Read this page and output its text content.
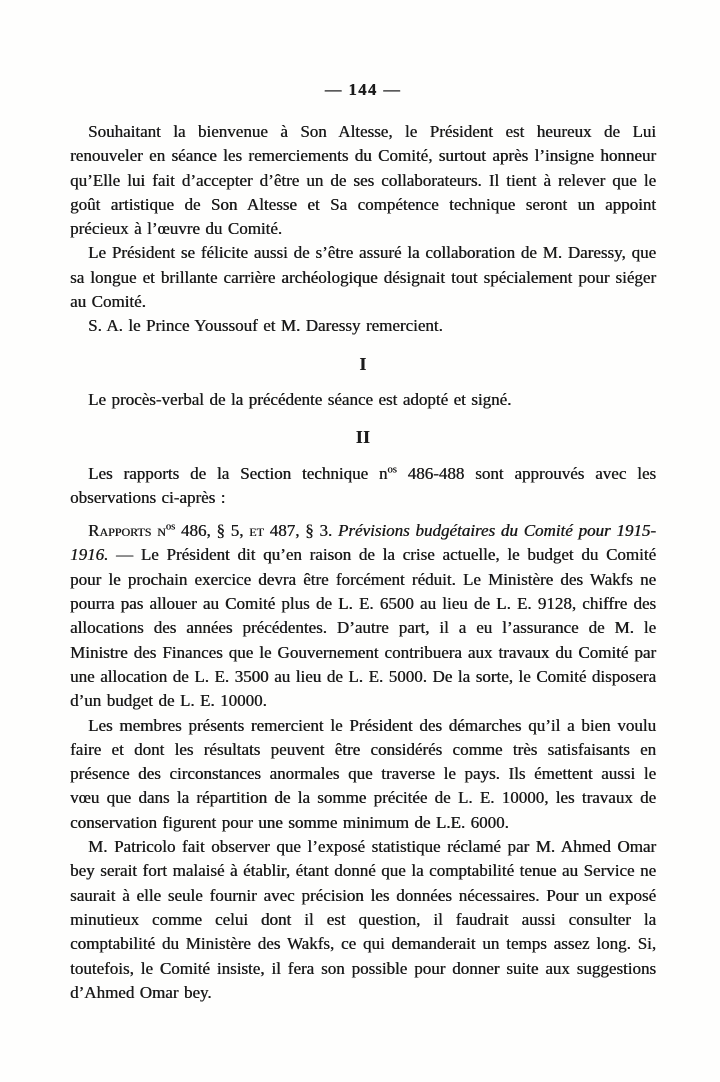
— 144 —

Souhaitant la bienvenue à Son Altesse, le Président est heureux de Lui renouveler en séance les remerciements du Comité, surtout après l’insigne honneur qu’Elle lui fait d’accepter d’être un de ses collaborateurs. Il tient à relever que le goût artistique de Son Altesse et Sa compétence technique seront un appoint précieux à l’œuvre du Comité.

Le Président se félicite aussi de s’être assuré la collaboration de M. Daressy, que sa longue et brillante carrière archéologique désignait tout spécialement pour siéger au Comité.

S. A. le Prince Youssouf et M. Daressy remercient.

I

Le procès-verbal de la précédente séance est adopté et signé.

II

Les rapports de la Section technique $n^{os}$ 486-488 sont approuvés avec les observations ci-après :

Rapports $n^{os}$ 486, § 5, et 487, § 3. Prévisions budgétaires du Comité pour 1915-1916. — Le Président dit qu’en raison de la crise actuelle, le budget du Comité pour le prochain exercice devra être forcément réduit. Le Ministère des Wakfs ne pourra pas allouer au Comité plus de L. E. 6500 au lieu de L. E. 9128, chiffre des allocations des années précédentes. D’autre part, il a eu l’assurance de M. le Ministre des Finances que le Gouvernement contribuera aux travaux du Comité par une allocation de L. E. 3500 au lieu de L. E. 5000. De la sorte, le Comité disposera d’un budget de L. E. 10000.

Les membres présents remercient le Président des démarches qu’il a bien voulu faire et dont les résultats peuvent être considérés comme très satisfaisants en présence des circonstances anormales que traverse le pays. Ils émettent aussi le vœu que dans la répartition de la somme précitée de L. E. 10000, les travaux de conservation figurent pour une somme minimum de L.E. 6000.

M. Patricolo fait observer que l’exposé statistique réclamé par M. Ahmed Omar bey serait fort malaisé à établir, étant donné que la comptabilité tenue au Service ne saurait à elle seule fournir avec précision les données nécessaires. Pour un exposé minutieux comme celui dont il est question, il faudrait aussi consulter la comptabilité du Ministère des Wakfs, ce qui demanderait un temps assez long. Si, toutefois, le Comité insiste, il fera son possible pour donner suite aux suggestions d’Ahmed Omar bey.
